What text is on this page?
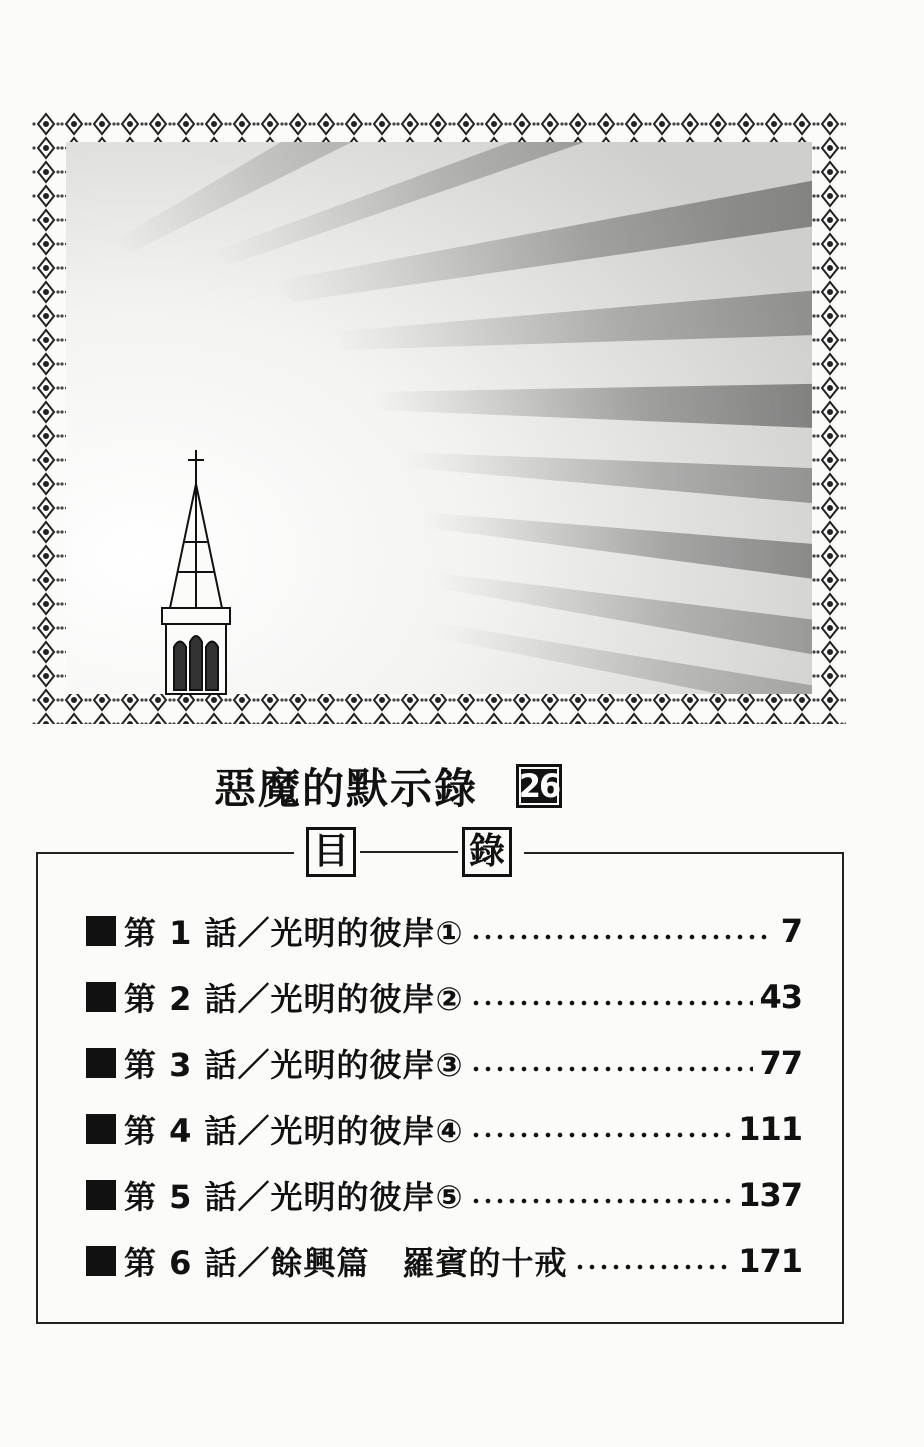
惡魔的默示錄 26
目	錄
第 1 話／光明的彼岸①	7
第 2 話／光明的彼岸②	43
第 3 話／光明的彼岸③	77
第 4 話／光明的彼岸④	111
第 5 話／光明的彼岸⑤	137
第 6 話／餘興篇　羅賓的十戒	171
